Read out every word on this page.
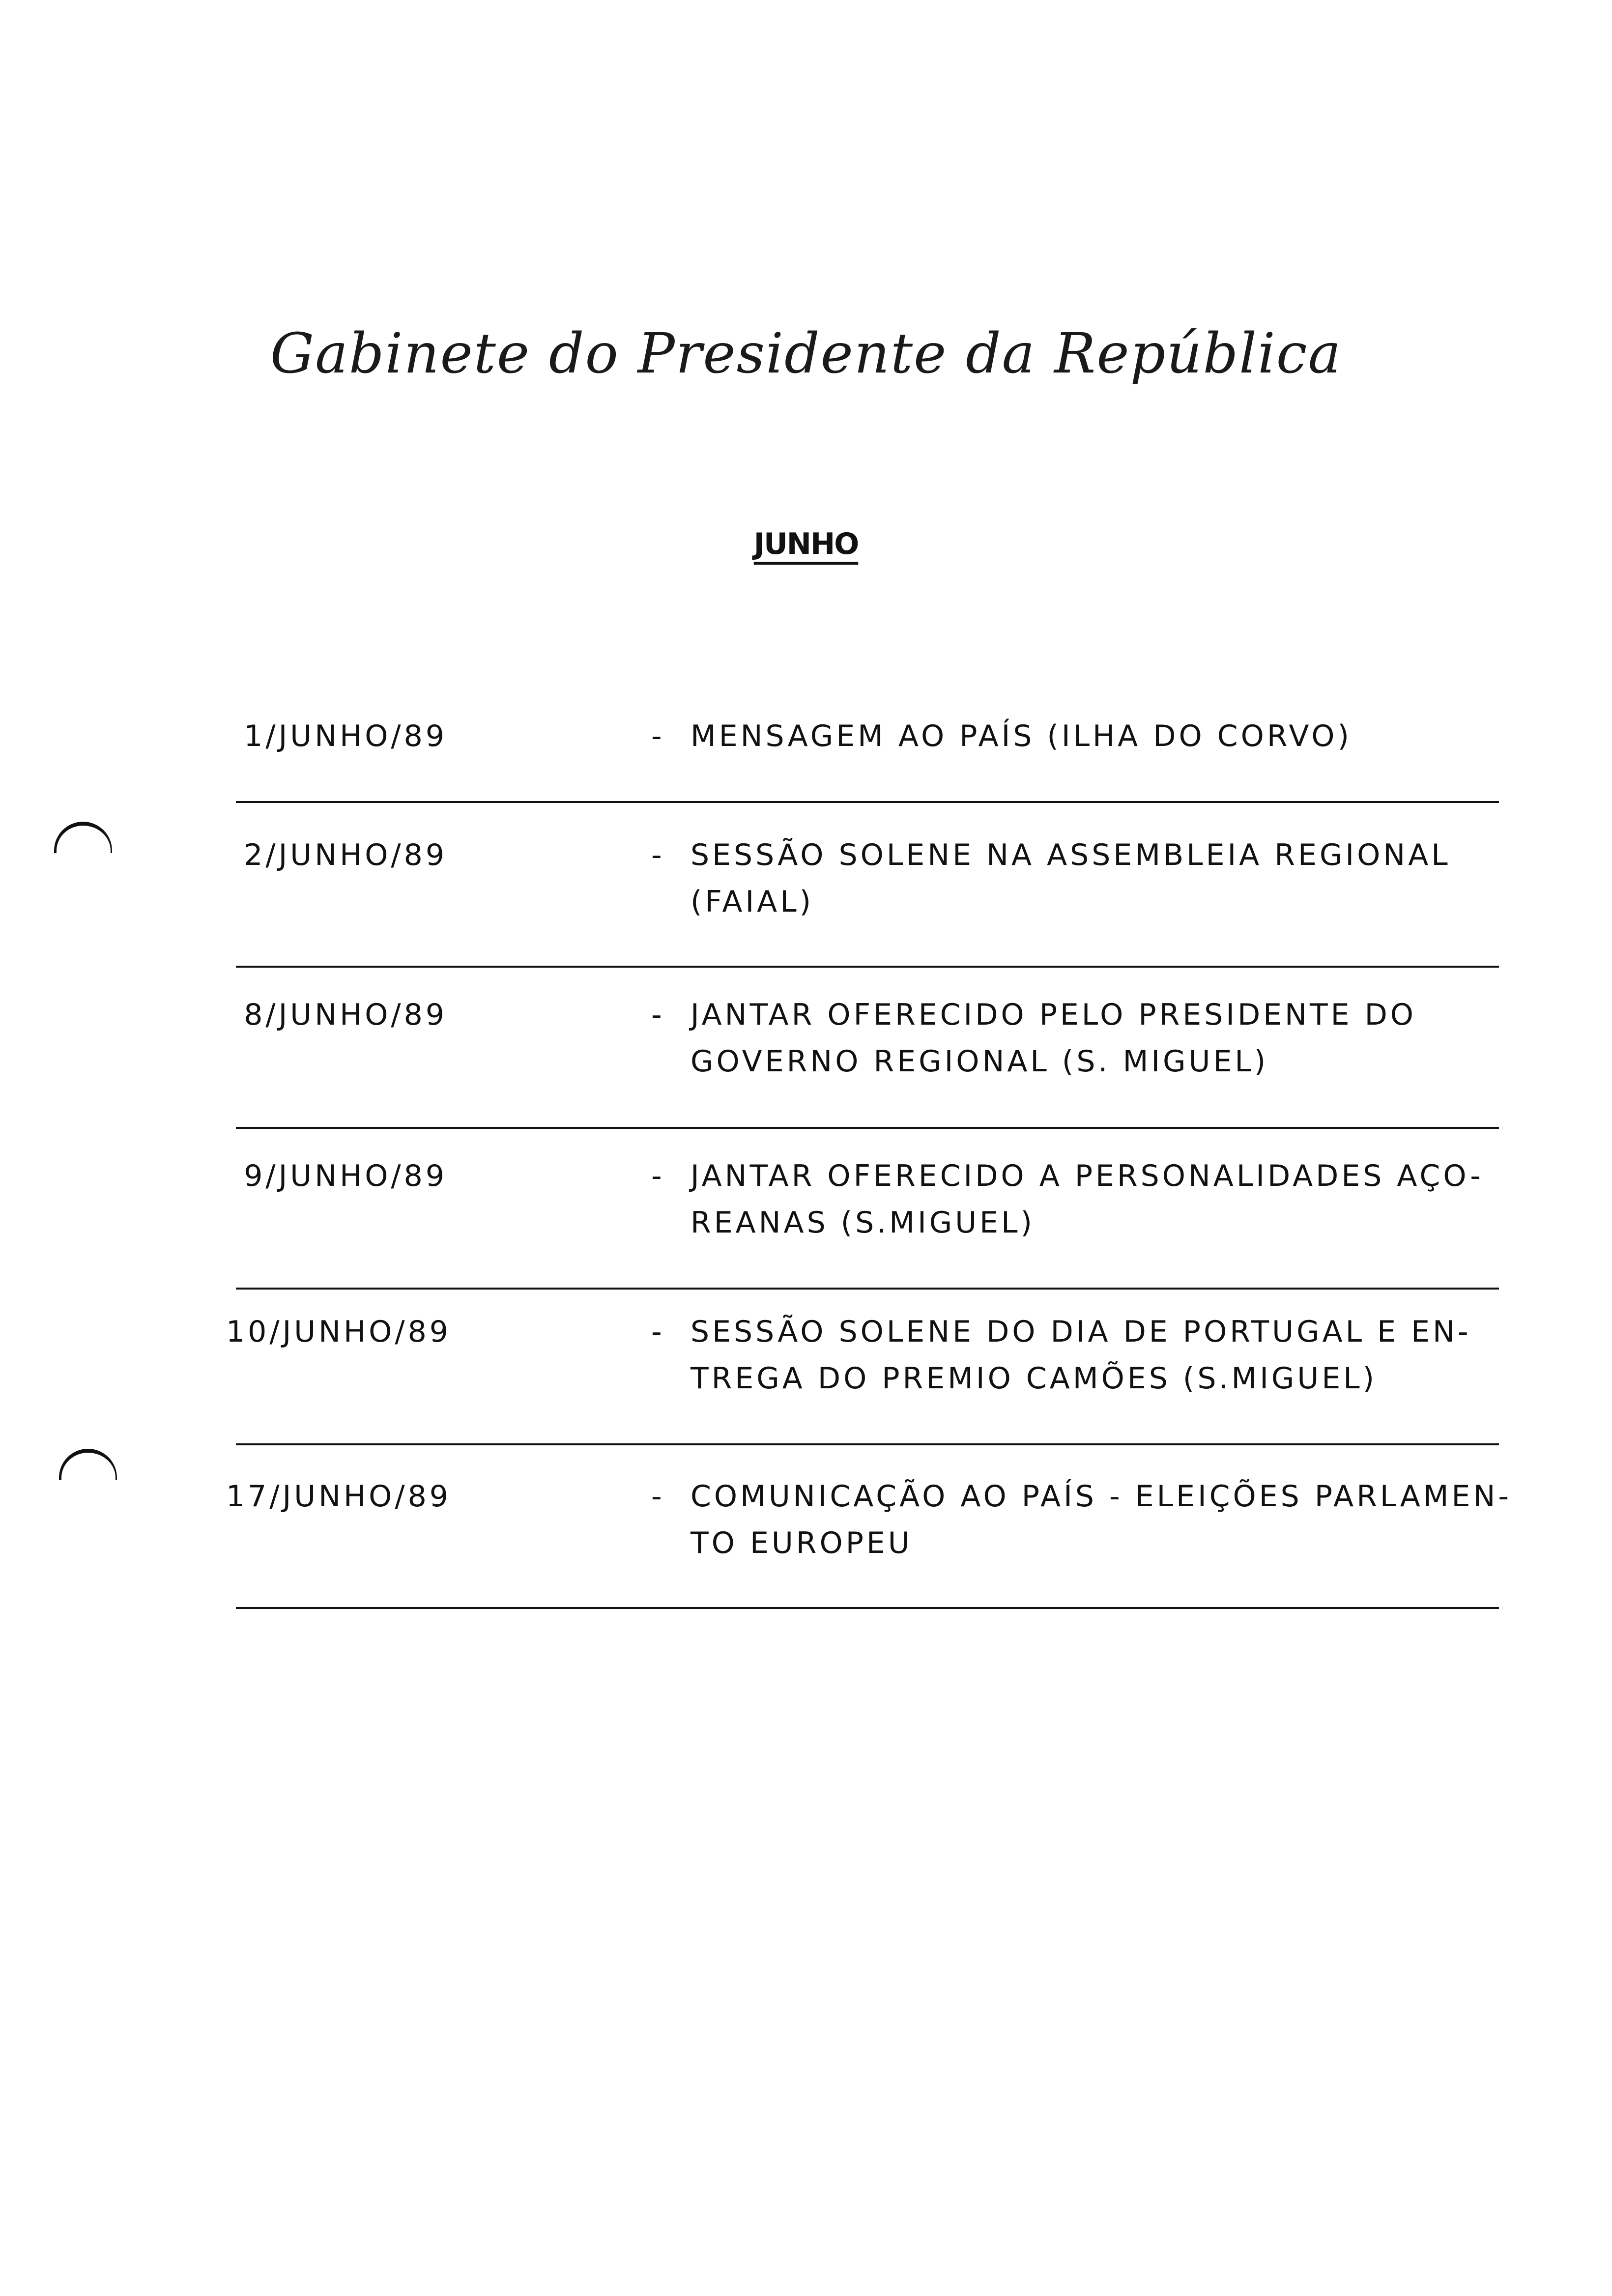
Gabinete do Presidente da República
JUNHO
1/JUNHO/89	- MENSAGEM AO PAÍS (ILHA DO CORVO)
2/JUNHO/89	- SESSÃO SOLENE NA ASSEMBLEIA REGIONAL
(FAIAL)
8/JUNHO/89	- JANTAR OFERECIDO PELO PRESIDENTE DO
GOVERNO REGIONAL (S. MIGUEL)
9/JUNHO/89	- JANTAR OFERECIDO A PERSONALIDADES AÇO-
REANAS (S.MIGUEL)
10/JUNHO/89	- SESSÃO SOLENE DO DIA DE PORTUGAL E EN-
TREGA DO PREMIO CAMÕES (S.MIGUEL)
17/JUNHO/89	- COMUNICAÇÃO AO PAÍS - ELEIÇÕES PARLAMEN-
TO EUROPEU
